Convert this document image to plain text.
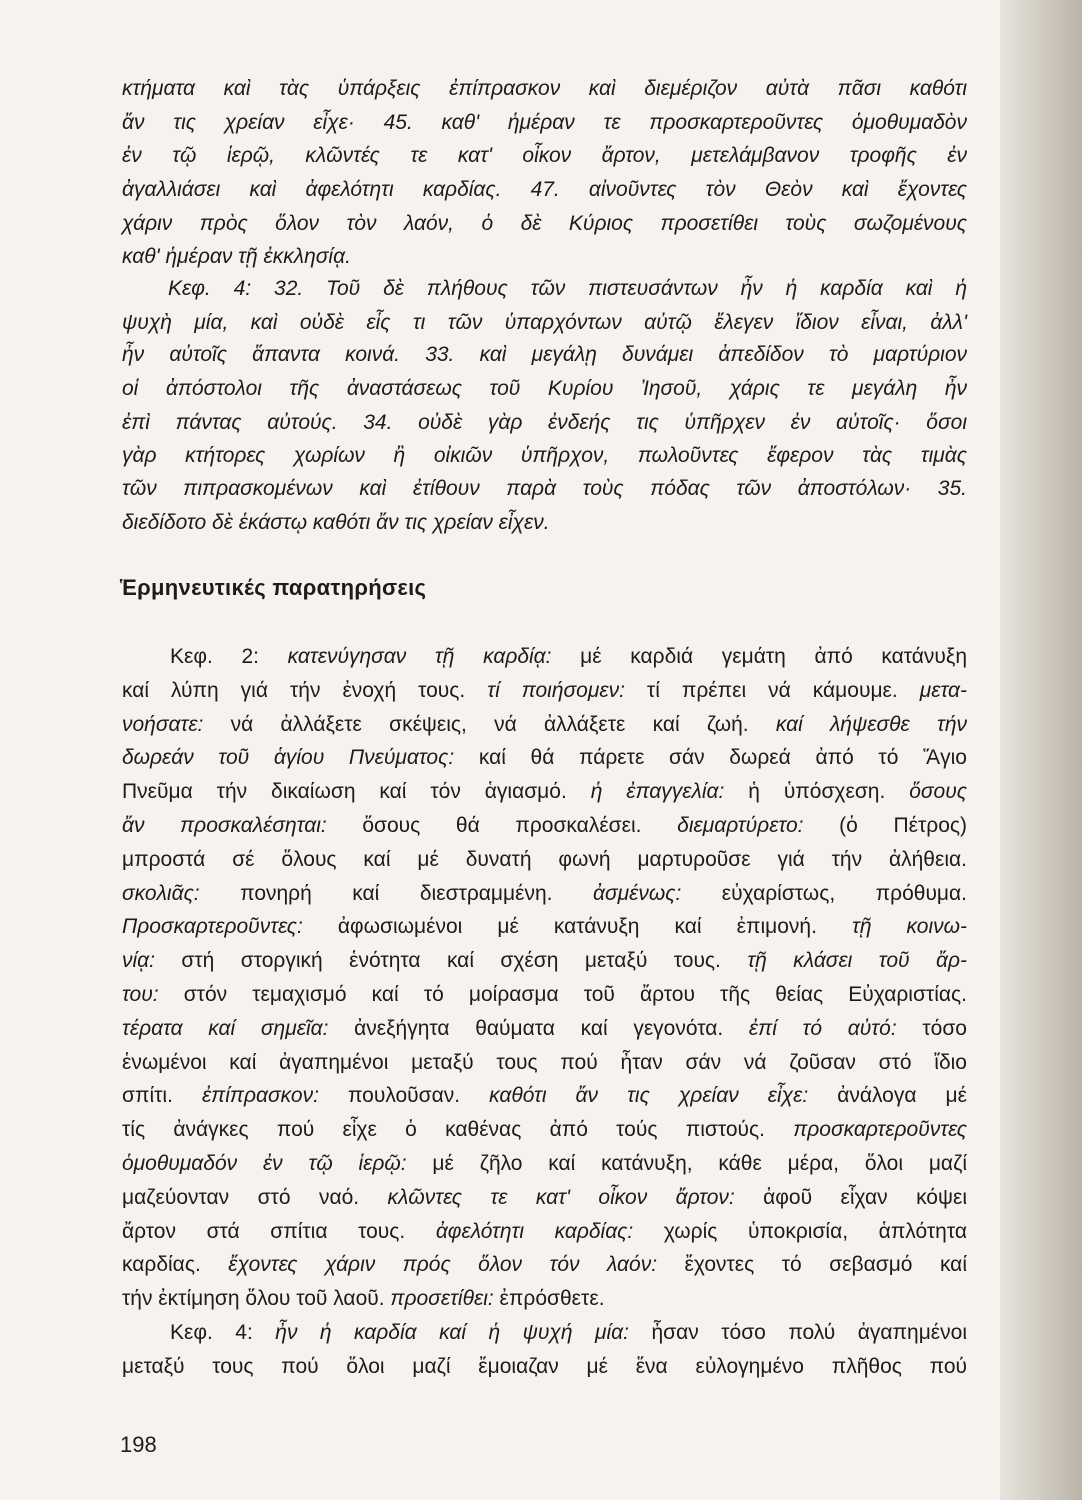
κτήματα καὶ τὰς ὑπάρξεις ἐπίπρασκον καὶ διεμέριζον αὐτὰ πᾶσι καθότι
ἄν τις χρείαν εἶχε· 45. καθ' ἡμέραν τε προσκαρτεροῦντες ὁμοθυμαδὸν
ἐν τῷ ἱερῷ, κλῶντές τε κατ' οἶκον ἄρτον, μετελάμβανον τροφῆς ἐν
ἀγαλλιάσει καὶ ἀφελότητι καρδίας. 47. αἰνοῦντες τὸν Θεὸν καὶ ἔχοντες
χάριν πρὸς ὅλον τὸν λαόν, ὁ δὲ Κύριος προσετίθει τοὺς σωζομένους
καθ' ἡμέραν τῇ ἐκκλησίᾳ.
Κεφ. 4: 32. Τοῦ δὲ πλήθους τῶν πιστευσάντων ἦν ἡ καρδία καὶ ἡ
ψυχὴ μία, καὶ οὐδὲ εἷς τι τῶν ὑπαρχόντων αὐτῷ ἔλεγεν ἴδιον εἶναι, ἀλλ'
ἦν αὐτοῖς ἅπαντα κοινά. 33. καὶ μεγάλῃ δυνάμει ἀπεδίδον τὸ μαρτύριον
οἱ ἀπόστολοι τῆς ἀναστάσεως τοῦ Κυρίου Ἰησοῦ, χάρις τε μεγάλη ἦν
ἐπὶ πάντας αὐτούς. 34. οὐδὲ γὰρ ἐνδεής τις ὑπῆρχεν ἐν αὐτοῖς· ὅσοι
γὰρ κτήτορες χωρίων ἢ οἰκιῶν ὑπῆρχον, πωλοῦντες ἔφερον τὰς τιμὰς
τῶν πιπρασκομένων καὶ ἐτίθουν παρὰ τοὺς πόδας τῶν ἀποστόλων· 35.
διεδίδοτο δὲ ἑκάστῳ καθότι ἄν τις χρείαν εἶχεν.
Ἑρμηνευτικές παρατηρήσεις
Κεφ. 2: κατενύγησαν τῇ καρδίᾳ: μέ καρδιά γεμάτη ἀπό κατάνυξη
καί λύπη γιά τήν ἐνοχή τους. τί ποιήσομεν: τί πρέπει νά κάμουμε. μετα-
νοήσατε: νά ἀλλάξετε σκέψεις, νά ἀλλάξετε καί ζωή. καί λήψεσθε τήν
δωρεάν τοῦ ἁγίου Πνεύματος: καί θά πάρετε σάν δωρεά ἀπό τό Ἅγιο
Πνεῦμα τήν δικαίωση καί τόν ἁγιασμό. ἡ ἐπαγγελία: ἡ ὑπόσχεση. ὅσους
ἄν προσκαλέσηται: ὅσους θά προσκαλέσει. διεμαρτύρετο: (ὁ Πέτρος)
μπροστά σέ ὅλους καί μέ δυνατή φωνή μαρτυροῦσε γιά τήν ἀλήθεια.
σκολιᾶς: πονηρή καί διεστραμμένη. ἀσμένως: εὐχαρίστως, πρόθυμα.
Προσκαρτεροῦντες: ἀφωσιωμένοι μέ κατάνυξη καί ἐπιμονή. τῇ κοινω-
νίᾳ: στή στοργική ἑνότητα καί σχέση μεταξύ τους. τῇ κλάσει τοῦ ἄρ-
του: στόν τεμαχισμό καί τό μοίρασμα τοῦ ἄρτου τῆς θείας Εὐχαριστίας.
τέρατα καί σημεῖα: ἀνεξήγητα θαύματα καί γεγονότα. ἐπί τό αὐτό: τόσο
ἑνωμένοι καί ἀγαπημένοι μεταξύ τους πού ἦταν σάν νά ζοῦσαν στό ἴδιο
σπίτι. ἐπίπρασκον: πουλοῦσαν. καθότι ἄν τις χρείαν εἶχε: ἀνάλογα μέ
τίς ἀνάγκες πού εἶχε ὁ καθένας ἀπό τούς πιστούς. προσκαρτεροῦντες
ὁμοθυμαδόν ἐν τῷ ἱερῷ: μέ ζῆλο καί κατάνυξη, κάθε μέρα, ὅλοι μαζί
μαζεύονταν στό ναό. κλῶντες τε κατ' οἶκον ἄρτον: ἀφοῦ εἶχαν κόψει
ἄρτον στά σπίτια τους. ἀφελότητι καρδίας: χωρίς ὑποκρισία, ἁπλότητα
καρδίας. ἔχοντες χάριν πρός ὅλον τόν λαόν: ἔχοντες τό σεβασμό καί
τήν ἐκτίμηση ὅλου τοῦ λαοῦ. προσετίθει: ἐπρόσθετε.
Κεφ. 4: ἦν ἡ καρδία καί ἡ ψυχή μία: ἦσαν τόσο πολύ ἀγαπημένοι
μεταξύ τους πού ὅλοι μαζί ἔμοιαζαν μέ ἕνα εὐλογημένο πλῆθος πού
198
